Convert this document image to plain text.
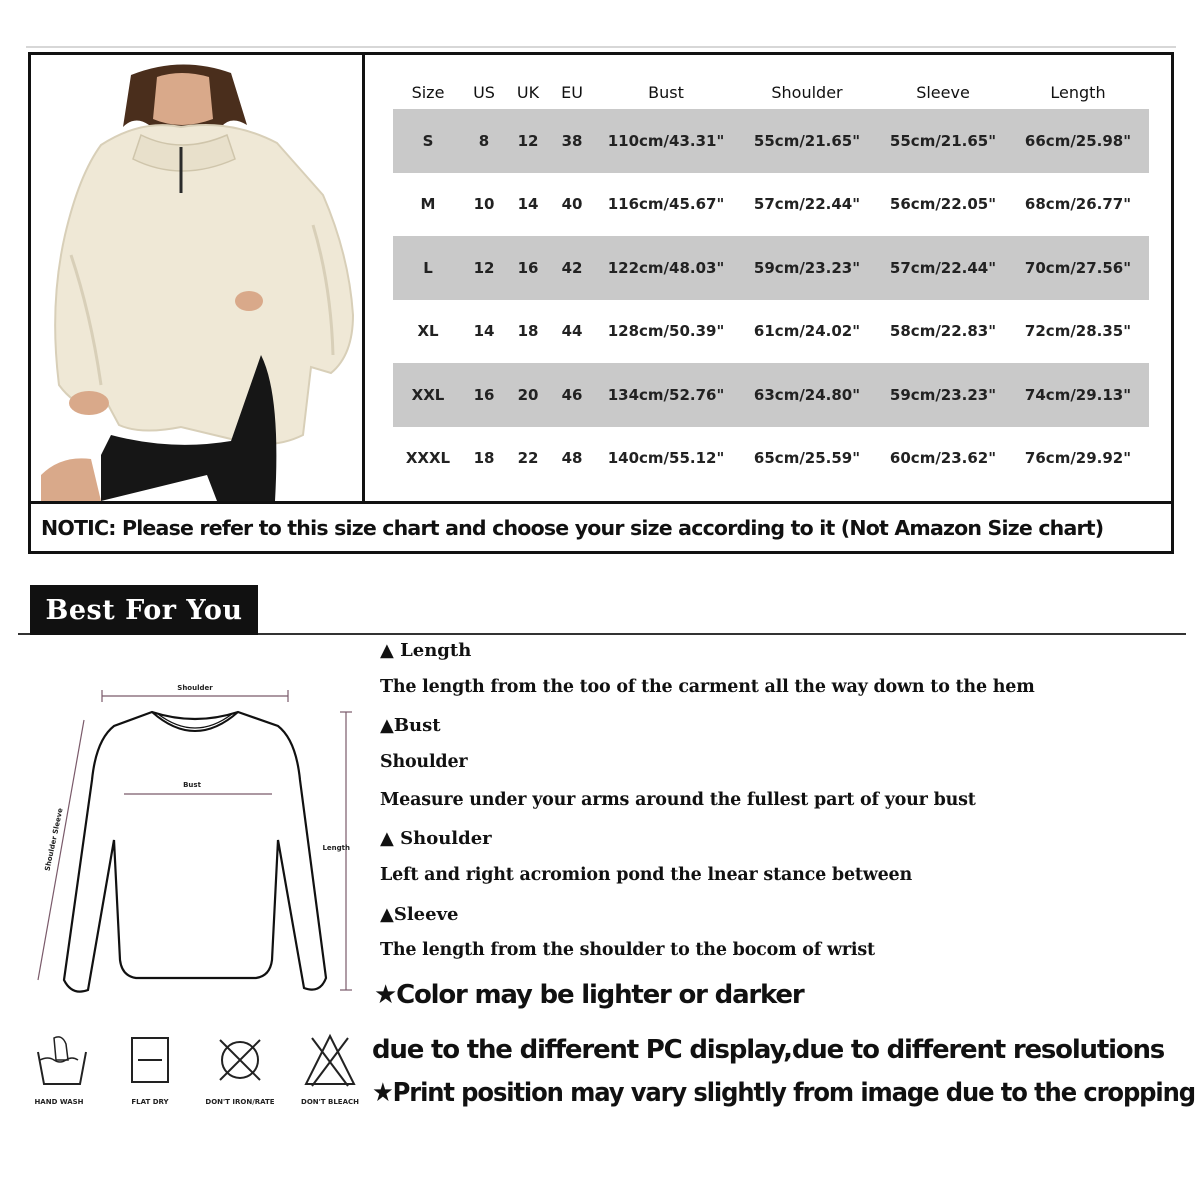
Size	US	UK	EU	Bust	Shoulder	Sleeve	Length
S	8	12	38	110cm/43.31"	55cm/21.65"	55cm/21.65"	66cm/25.98"
M	10	14	40	116cm/45.67"	57cm/22.44"	56cm/22.05"	68cm/26.77"
L	12	16	42	122cm/48.03"	59cm/23.23"	57cm/22.44"	70cm/27.56"
XL	14	18	44	128cm/50.39"	61cm/24.02"	58cm/22.83"	72cm/28.35"
XXL	16	20	46	134cm/52.76"	63cm/24.80"	59cm/23.23"	74cm/29.13"
XXXL	18	22	48	140cm/55.12"	65cm/25.59"	60cm/23.62"	76cm/29.92"
NOTIC: Please refer to this size chart and choose your size according to it (Not Amazon Size chart)
Best For You
Shoulder
Bust
Length
Shoulder Sleeve
▲ Length
The length from the too of the carment all the way down to the hem
▲Bust
Shoulder
Measure under your arms around the fullest part of your bust
▲ Shoulder
Left and right acromion pond the lnear stance between
▲Sleeve
The length from the shoulder to the bocom of wrist
★Color may be lighter or darker
due to the different PC display,due to different resolutions
★Print position may vary slightly from image due to the cropping
HAND WASH	FLAT DRY	DON'T IRON/RATE	DON'T BLEACH
